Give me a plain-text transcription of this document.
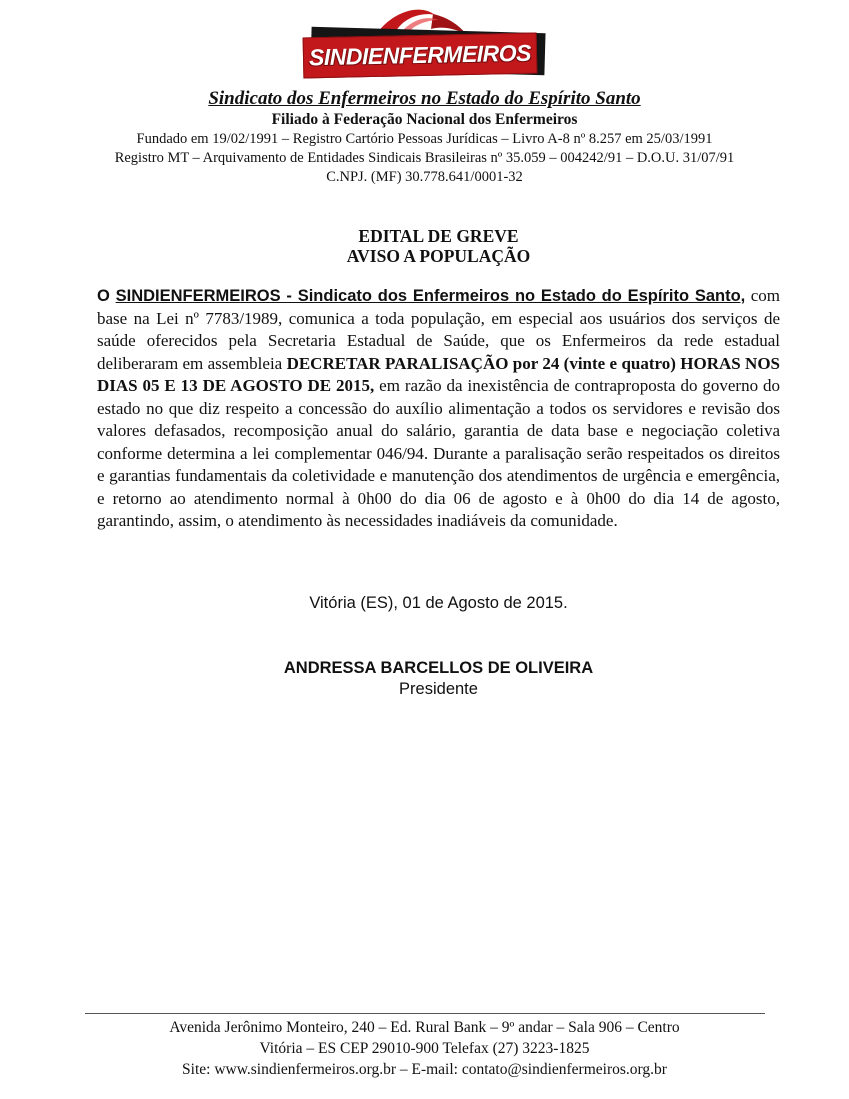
SINDIENFERMEIROS
Sindicato dos Enfermeiros no Estado do Espírito Santo
Filiado à Federação Nacional dos Enfermeiros
Fundado em 19/02/1991 – Registro Cartório Pessoas Jurídicas – Livro A-8 nº 8.257 em 25/03/1991
Registro MT – Arquivamento de Entidades Sindicais Brasileiras nº 35.059 – 004242/91 – D.O.U. 31/07/91
C.NPJ. (MF) 30.778.641/0001-32
EDITAL DE GREVE
AVISO A POPULAÇÃO

O SINDIENFERMEIROS - Sindicato dos Enfermeiros no Estado do Espírito Santo, com base na Lei nº 7783/1989, comunica a toda população, em especial aos usuários dos serviços de saúde oferecidos pela Secretaria Estadual de Saúde, que os Enfermeiros da rede estadual deliberaram em assembleia DECRETAR PARALISAÇÃO por 24 (vinte e quatro) HORAS NOS DIAS 05 E 13 DE AGOSTO DE 2015, em razão da inexistência de contraproposta do governo do estado no que diz respeito a concessão do auxílio alimentação a todos os servidores e revisão dos valores defasados, recomposição anual do salário, garantia de data base e negociação coletiva conforme determina a lei complementar 046/94. Durante a paralisação serão respeitados os direitos e garantias fundamentais da coletividade e manutenção dos atendimentos de urgência e emergência, e retorno ao atendimento normal à 0h00 do dia 06 de agosto e à 0h00 do dia 14 de agosto, garantindo, assim, o atendimento às necessidades inadiáveis da comunidade.

Vitória (ES), 01 de Agosto de 2015.
ANDRESSA BARCELLOS DE OLIVEIRA
Presidente
Avenida Jerônimo Monteiro, 240 – Ed. Rural Bank – 9º andar – Sala 906 – Centro
Vitória – ES CEP 29010-900 Telefax (27) 3223-1825
Site: www.sindienfermeiros.org.br – E-mail: contato@sindienfermeiros.org.br
